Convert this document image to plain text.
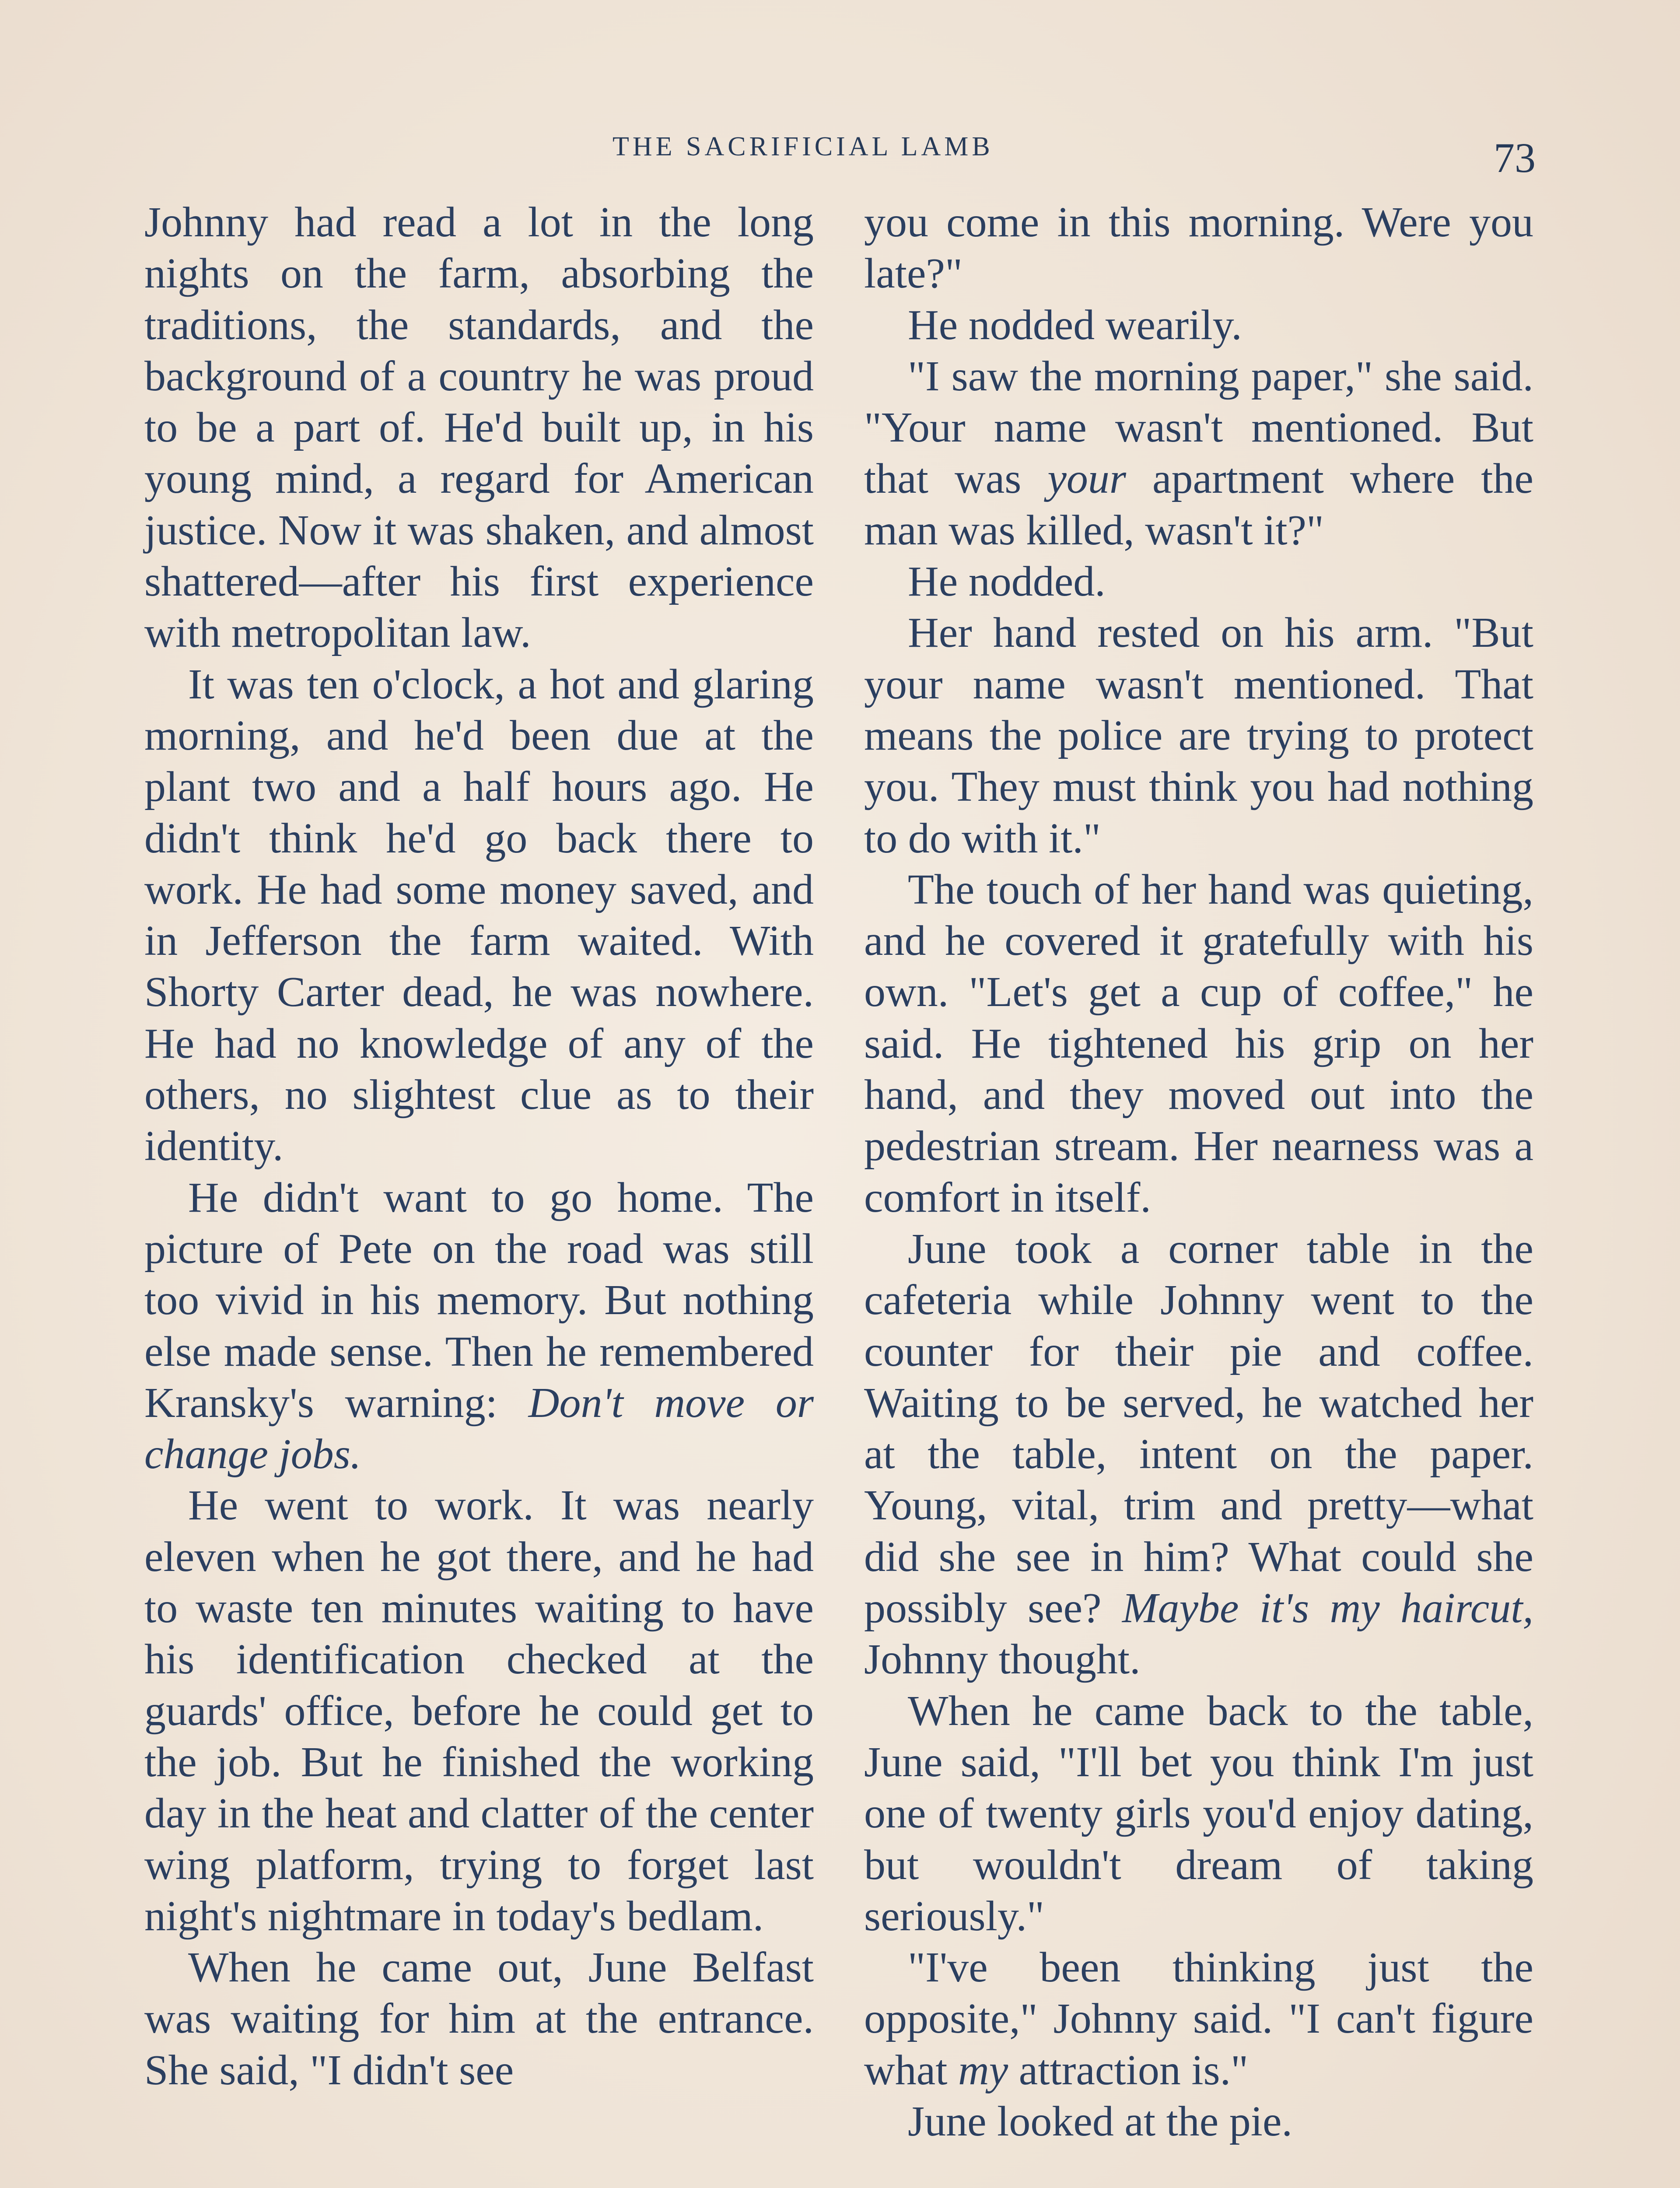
THE SACRIFICIAL LAMB	73

Johnny had read a lot in the long nights on the farm, absorbing the traditions, the standards, and the background of a country he was proud to be a part of. He'd built up, in his young mind, a regard for American justice. Now it was shaken, and almost shattered—after his first experience with metropolitan law.

It was ten o'clock, a hot and glaring morning, and he'd been due at the plant two and a half hours ago. He didn't think he'd go back there to work. He had some money saved, and in Jefferson the farm waited. With Shorty Carter dead, he was nowhere. He had no knowledge of any of the others, no slightest clue as to their identity.

He didn't want to go home. The picture of Pete on the road was still too vivid in his memory. But nothing else made sense. Then he remembered Kransky's warning: Don't move or change jobs.

He went to work. It was nearly eleven when he got there, and he had to waste ten minutes waiting to have his identification checked at the guards' office, before he could get to the job. But he finished the working day in the heat and clatter of the center wing platform, trying to forget last night's nightmare in today's bedlam.

When he came out, June Belfast was waiting for him at the entrance. She said, "I didn't see

you come in this morning. Were you late?"

He nodded wearily.

"I saw the morning paper," she said. "Your name wasn't mentioned. But that was your apartment where the man was killed, wasn't it?"

He nodded.

Her hand rested on his arm. "But your name wasn't mentioned. That means the police are trying to protect you. They must think you had nothing to do with it."

The touch of her hand was quieting, and he covered it gratefully with his own. "Let's get a cup of coffee," he said. He tightened his grip on her hand, and they moved out into the pedestrian stream. Her nearness was a comfort in itself.

June took a corner table in the cafeteria while Johnny went to the counter for their pie and coffee. Waiting to be served, he watched her at the table, intent on the paper. Young, vital, trim and pretty—what did she see in him? What could she possibly see? Maybe it's my haircut, Johnny thought.

When he came back to the table, June said, "I'll bet you think I'm just one of twenty girls you'd enjoy dating, but wouldn't dream of taking seriously."

"I've been thinking just the opposite," Johnny said. "I can't figure what my attraction is."

June looked at the pie.
